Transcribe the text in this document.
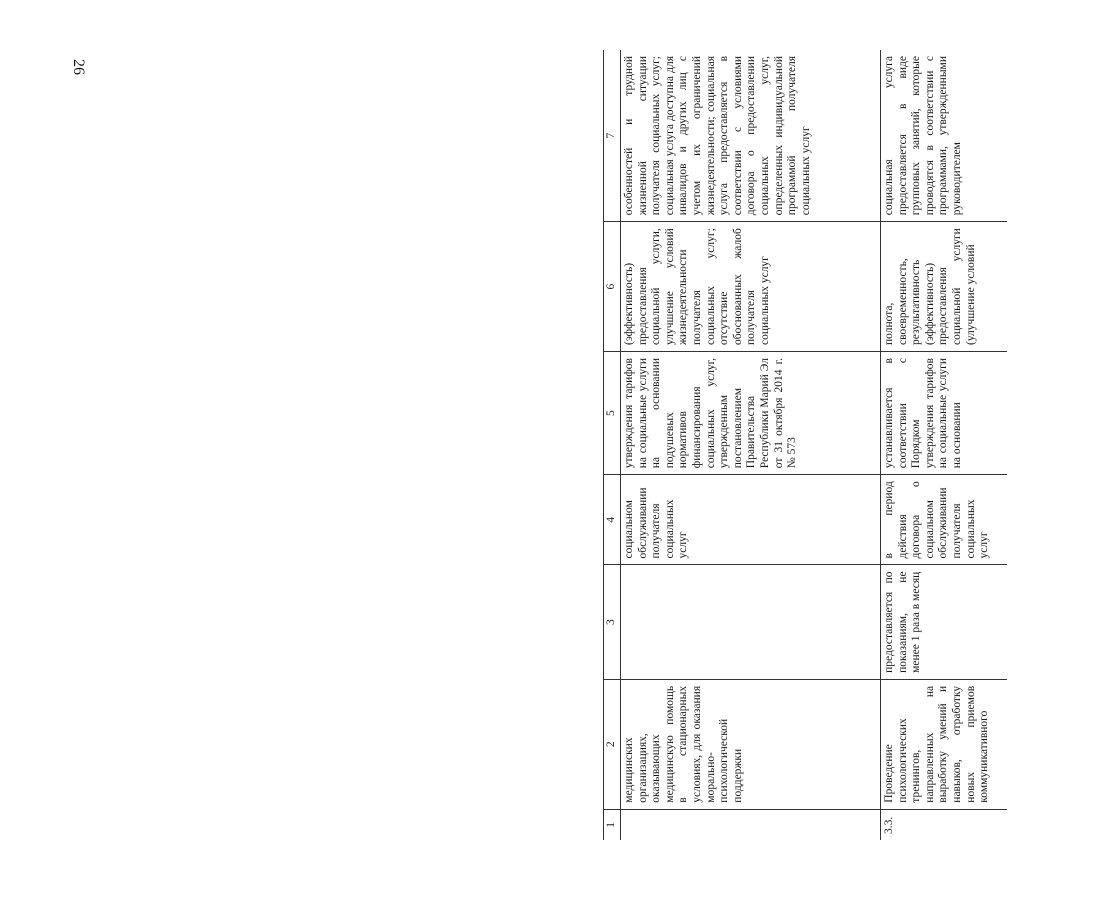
26
1	2	3	4	5	6	7
	медицинских организациях, оказывающих медицинскую помощь в стационарных условиях, для оказания морально-психологической поддержки		социальном обслуживании получателя социальных услуг	утверждения тарифов на социальные услуги на основании подушевых нормативов финансирования социальных услуг, утвержденным постановлением Правительства Республики Марий Эл от 31 октября 2014 г. № 573	(эффективность) предоставления социальной услуги, улучшение условий жизнедеятельности получателя социальных услуг; отсутствие обоснованных жалоб получателя социальных услуг	особенностей и трудной жизненной ситуации получателя социальных услуг; социальная услуга доступна для инвалидов и других лиц с учетом их ограничений жизнедеятельности; социальная услуга предоставляется в соответствии с условиями договора о предоставлении социальных услуг, определенных индивидуальной программой получателя социальных услуг
3.3.	Проведение психологических тренингов, направленных на выработку умений и навыков, отработку новых приемов коммуникативного	предоставляется по показаниям, не менее 1 раза в месяц	в период действия договора о социальном обслуживании получателя социальных услуг	устанавливается в соответствии с Порядком утверждения тарифов на социальные услуги на основании	полнота, своевременность, результативность (эффективность) предоставления социальной услуги (улучшение условий	социальная услуга предоставляется в виде групповых занятий, которые проводятся в соответствии с программами, утвержденными руководителем
